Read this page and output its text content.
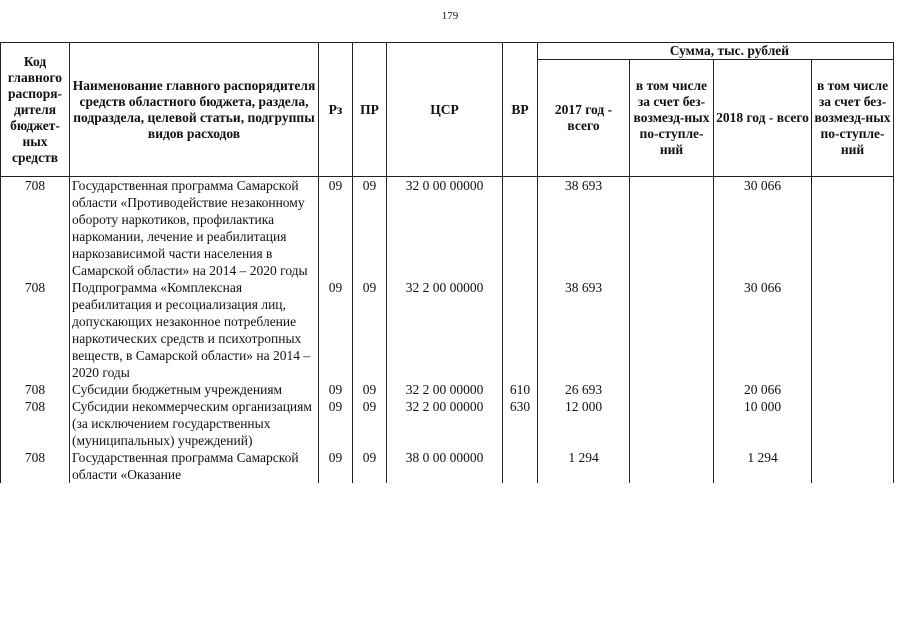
179
Код главного распоря-дителя бюджет-ных средств	Наименование главного распорядителя средств областного бюджета, раздела, подраздела, целевой статьи, подгруппы видов расходов	Рз	ПР	ЦСР	ВР	Сумма, тыс. рублей			
						2017 год - всего	в том числе за счет без-возмезд-ных по-ступле-ний	2018 год - всего	в том числе за счет без-возмезд-ных по-ступле-ний
708	Государственная программа Самарской области «Противодействие незаконному обороту наркотиков, профилактика наркомании, лечение и реабилитация наркозависимой части населения в Самарской области» на 2014 – 2020 годы	09	09	32 0 00 00000		38 693		30 066	
708	Подпрограмма «Комплексная реабилитация и ресоциализация лиц, допускающих незаконное потребление наркотических средств и психотропных веществ, в Самарской области» на 2014 – 2020 годы	09	09	32 2 00 00000		38 693		30 066	
708	Субсидии бюджетным учреждениям	09	09	32 2 00 00000	610	26 693		20 066	
708	Субсидии некоммерческим организациям (за исключением государственных (муниципальных) учреждений)	09	09	32 2 00 00000	630	12 000		10 000	
708	Государственная программа Самарской области «Оказание	09	09	38 0 00 00000		1 294		1 294	
